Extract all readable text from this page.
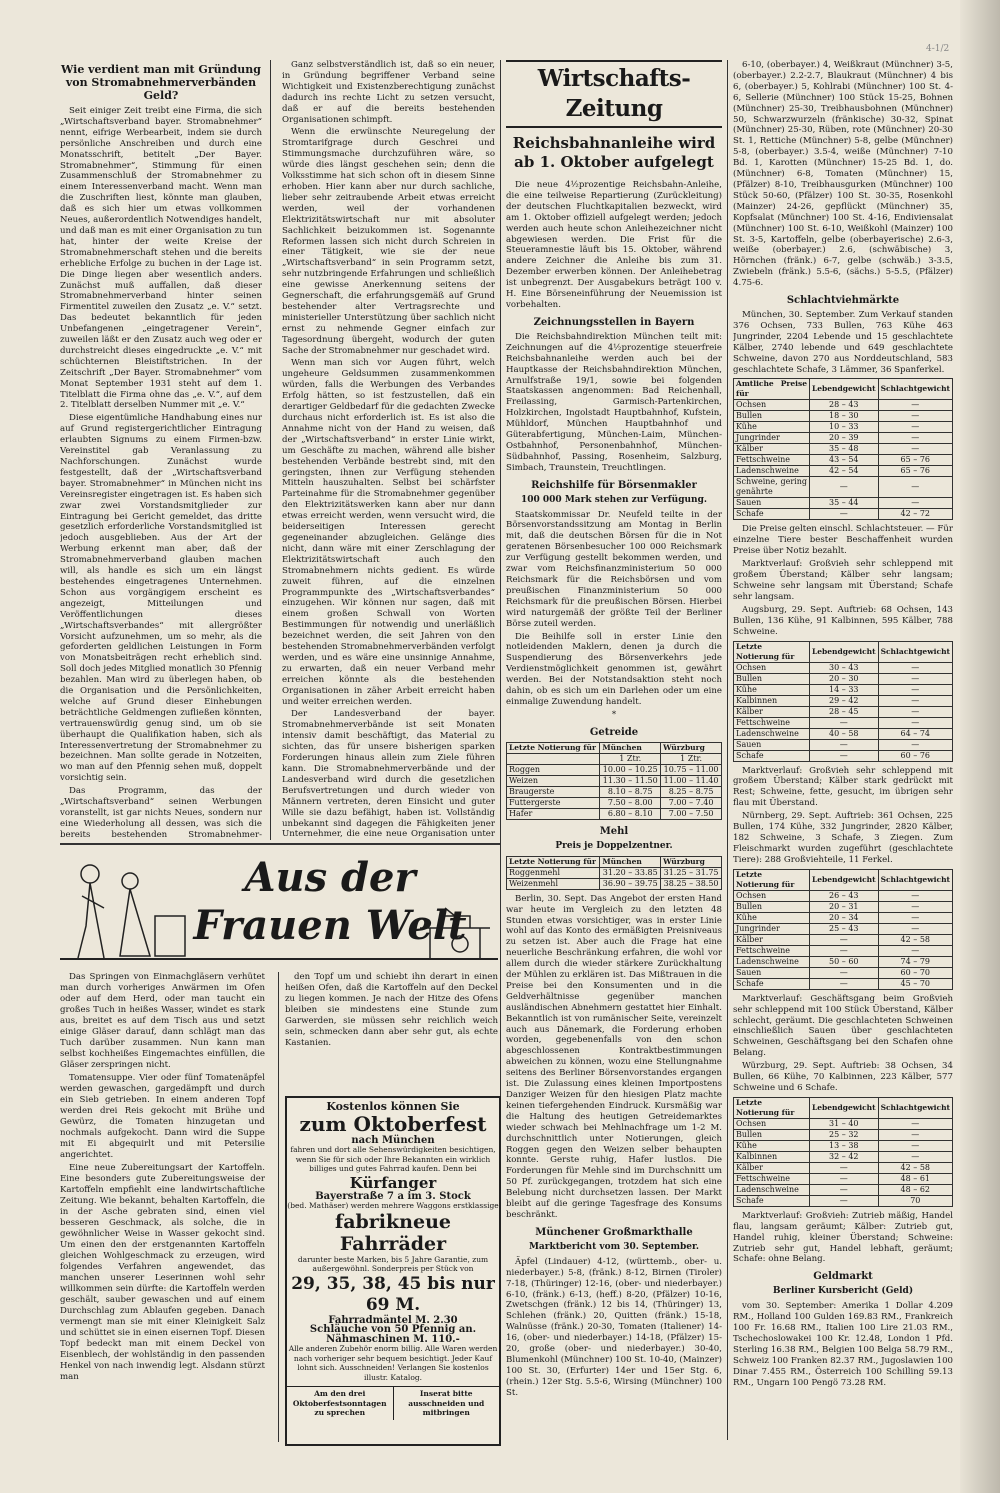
4-1/2
Wie verdient man mit Gründung von Stromabnehmerverbänden Geld?

Seit einiger Zeit treibt eine Firma, die sich „Wirtschaftsverband bayer. Stromabnehmer“ nennt, eifrige Werbearbeit, indem sie durch persönliche Anschreiben und durch eine Monatsschrift, betitelt „Der Bayer. Stromabnehmer“, Stimmung für einen Zusammenschluß der Stromabnehmer zu einem Interessenverband macht. Wenn man die Zuschriften liest, könnte man glauben, daß es sich hier um etwas vollkommen Neues, außerordentlich Notwendiges handelt, und daß man es mit einer Organisation zu tun hat, hinter der weite Kreise der Stromabnehmerschaft stehen und die bereits erhebliche Erfolge zu buchen in der Lage ist. Die Dinge liegen aber wesentlich anders. Zunächst muß auffallen, daß dieser Stromabnehmerverband hinter seinen Firmentitel zuweilen den Zusatz „e. V.“ setzt. Das bedeutet bekanntlich für jeden Unbefangenen „eingetragener Verein“, zuweilen läßt er den Zusatz auch weg oder er durchstreicht dieses eingedruckte „e. V.“ mit schüchternen Bleistiftstrichen. In der Zeitschrift „Der Bayer. Stromabnehmer“ vom Monat September 1931 steht auf dem 1. Titelblatt die Firma ohne das „e. V.“, auf dem 2. Titelblatt derselben Nummer mit „e. V.“

Diese eigentümliche Handhabung eines nur auf Grund registergerichtlicher Eintragung erlaubten Signums zu einem Firmen-bzw. Vereinstitel gab Veranlassung zu Nachforschungen. Zunächst wurde festgestellt, daß der „Wirtschaftsverband bayer. Stromabnehmer“ in München nicht ins Vereinsregister eingetragen ist. Es haben sich zwar zwei Vorstandsmitglieder zur Eintragung bei Gericht gemeldet, das dritte gesetzlich erforderliche Vorstandsmitglied ist jedoch ausgeblieben. Aus der Art der Werbung erkennt man aber, daß der Stromabnehmerverband glauben machen will, als handle es sich um ein längst bestehendes eingetragenes Unternehmen. Schon aus vorgängigem erscheint es angezeigt, Mitteilungen und Veröffentlichungen dieses „Wirtschaftsverbandes“ mit allergrößter Vorsicht aufzunehmen, um so mehr, als die geforderten geldlichen Leistungen in Form von Monatsbeiträgen recht erheblich sind. Soll doch jedes Mitglied monatlich 30 Pfennig bezahlen. Man wird zu überlegen haben, ob die Organisation und die Persönlichkeiten, welche auf Grund dieser Einhebungen beträchtliche Geldmengen zufließen könnten, vertrauenswürdig genug sind, um ob sie überhaupt die Qualifikation haben, sich als Interessenvertretung der Stromabnehmer zu bezeichnen. Man sollte gerade in Notzeiten, wo man auf den Pfennig sehen muß, doppelt vorsichtig sein.

Das Programm, das der „Wirtschaftsverband“ seinen Werbungen voranstellt, ist gar nichts Neues, sondern nur eine Wiederholung all dessen, was sich die bereits bestehenden Stromabnehmer-

Ganz selbstverständlich ist, daß so ein neuer, in Gründung begriffener Verband seine Wichtigkeit und Existenzberechtigung zunächst dadurch ins rechte Licht zu setzen versucht, daß er auf die bereits bestehenden Organisationen schimpft.

Wenn die erwünschte Neuregelung der Stromtarifgrage durch Geschrei und Stimmungsmache durchzuführen wäre, so würde dies längst geschehen sein; denn die Volksstimme hat sich schon oft in diesem Sinne erhoben. Hier kann aber nur durch sachliche, lieber sehr zeitraubende Arbeit etwas erreicht werden, weil der vorhandenen Elektrizitätswirtschaft nur mit absoluter Sachlichkeit beizukommen ist. Sogenannte Reformen lassen sich nicht durch Schreien in einer Tätigkeit, wie sie der neue „Wirtschaftsverband“ in sein Programm setzt, sehr nutzbringende Erfahrungen und schließlich eine gewisse Anerkennung seitens der Gegnerschaft, die erfahrungsgemäß auf Grund bestehender alter Vertragsrechte und ministerieller Unterstützung über sachlich nicht ernst zu nehmende Gegner einfach zur Tagesordnung übergeht, wodurch der guten Sache der Stromabnehmer nur geschadet wird.

Wenn man sich vor Augen führt, welch ungeheure Geldsummen zusammenkommen würden, falls die Werbungen des Verbandes Erfolg hätten, so ist festzustellen, daß ein derartiger Geldbedarf für die gedachten Zwecke durchaus nicht erforderlich ist. Es ist also die Annahme nicht von der Hand zu weisen, daß der „Wirtschaftsverband“ in erster Linie wirkt, um Geschäfte zu machen, während alle bisher bestehenden Verbände bestrebt sind, mit den geringsten, ihnen zur Verfügung stehenden Mitteln hauszuhalten. Selbst bei schärfster Parteinahme für die Stromabnehmer gegenüber den Elektrizitätswerken kann aber nur dann etwas erreicht werden, wenn versucht wird, die beiderseitigen Interessen gerecht gegeneinander abzugleichen. Gelänge dies nicht, dann wäre mit einer Zerschlagung der Elektrizitätswirtschaft auch den Stromabnehmern nichts gedient. Es würde zuweit führen, auf die einzelnen Programmpunkte des „Wirtschaftsverbandes“ einzugehen. Wir können nur sagen, daß mit einem großen Schwall von Worten Bestimmungen für notwendig und unerläßlich bezeichnet werden, die seit Jahren von den bestehenden Stromabnehmerverbänden verfolgt werden, und es wäre eine unsinnige Annahme, zu erwarten, daß ein neuer Verband mehr erreichen könnte als die bestehenden Organisationen in zäher Arbeit erreicht haben und weiter erreichen werden.

Der Landesverband der bayer. Stromabnehmerverbände ist seit Monaten intensiv damit beschäftigt, das Material zu sichten, das für unsere bisherigen sparken Forderungen hinaus allein zum Ziele führen kann. Die Stromabnehmerverbände und der Landesverband wird durch die gesetzlichen Berufsvertretungen und durch wieder von Männern vertreten, deren Einsicht und guter Wille sie dazu befähigt, haben ist. Vollständig unbekannt sind dagegen die Fähigkeiten jener Unternehmer, die eine neue Organisation unter

Aus der Frauen Welt

Das Springen von Einmachgläsern verhütet man durch vorheriges Anwärmen im Ofen oder auf dem Herd, oder man taucht ein großes Tuch in heißes Wasser, windet es stark aus, breitet es auf dem Tisch aus und setzt einige Gläser darauf, dann schlägt man das Tuch darüber zusammen. Nun kann man selbst kochheißes Eingemachtes einfüllen, die Gläser zerspringen nicht.

Tomatensuppe. Vier oder fünf Tomatenäpfel werden gewaschen, gargedämpft und durch ein Sieb getrieben. In einem anderen Topf werden drei Reis gekocht mit Brühe und Gewürz, die Tomaten hinzugetan und nochmals aufgekocht. Dann wird die Suppe mit Ei abgequirlt und mit Petersilie angerichtet.

Eine neue Zubereitungsart der Kartoffeln. Eine besonders gute Zubereitungsweise der Kartoffeln empfiehlt eine landwirtschaftliche Zeitung. Wie bekannt, behalten Kartoffeln, die in der Asche gebraten sind, einen viel besseren Geschmack, als solche, die in gewöhnlicher Weise in Wasser gekocht sind. Um einen den der erstgenannten Kartoffeln gleichen Wohlgeschmack zu erzeugen, wird folgendes Verfahren angewendet, das manchen unserer Leserinnen wohl sehr willkommen sein dürfte: die Kartoffeln werden geschält, sauber gewaschen und auf einem Durchschlag zum Ablaufen gegeben. Danach vermengt man sie mit einer Kleinigkeit Salz und schüttet sie in einen eisernen Topf. Diesen Topf bedeckt man mit einem Deckel von Eisenblech, der wohlständig in den passenden Henkel von nach inwendig legt. Alsdann stürzt man

den Topf um und schiebt ihn derart in einen heißen Ofen, daß die Kartoffeln auf den Deckel zu liegen kommen. Je nach der Hitze des Ofens bleiben sie mindestens eine Stunde zum Garwerden, sie müssen sehr reichlich weich sein, schmecken dann aber sehr gut, als echte Kastanien.

Kostenlos können Sie
zum Oktoberfest
nach München
fahren und dort alle Sehenswürdigkeiten besichtigen, wenn Sie für sich oder Ihre Bekannten ein wirklich billiges und gutes Fahrrad kaufen. Denn bei
Kürfanger
Bayerstraße 7 a im 3. Stock
(bed. Mathäser) werden mehrere Waggons erstklassige
fabrikneue Fahrräder
darunter beste Marken, bis 5 Jahre Garantie, zum außergewöhnl. Sonderpreis per Stück von
29, 35, 38, 45 bis nur 69 M.
Fahrradmäntel M. 2.30
Schläuche von 50 Pfennig an.
Nähmaschinen M. 110.-
Alle anderen Zubehör enorm billig. Alle Waren werden nach vorheriger sehr bequem besichtigt. Jeder Kauf lohnt sich. Ausschneiden! Verlangen Sie kostenlos illustr. Katalog.
Am den drei Oktoberfestsonntagen zu sprechen
Inserat bitte ausschneiden und mitbringen
Wirtschafts-Zeitung
Reichsbahnanleihe wird ab 1. Oktober aufgelegt

Die neue 4½prozentige Reichsbahn-Anleihe, die eine teilweise Repartierung (Zurückleitung) der deutschen Fluchtkapitalien bezweckt, wird am 1. Oktober offiziell aufgelegt werden; jedoch werden auch heute schon Anleihezeichner nicht abgewiesen werden. Die Frist für die Steueramnestie läuft bis 15. Oktober, während andere Zeichner die Anleihe bis zum 31. Dezember erwerben können. Der Anleihebetrag ist unbegrenzt. Der Ausgabekurs beträgt 100 v. H. Eine Börseneinführung der Neuemission ist vorbehalten.

Zeichnungsstellen in Bayern

Die Reichsbahndirektion München teilt mit: Zeichnungen auf die 4½prozentige steuerfreie Reichsbahnanleihe werden auch bei der Hauptkasse der Reichsbahndirektion München, Arnulfstraße 19/1, sowie bei folgenden Staatskassen angenommen: Bad Reichenhall, Freilassing, Garmisch-Partenkirchen, Holzkirchen, Ingolstadt Hauptbahnhof, Kufstein, Mühldorf, München Hauptbahnhof und Güterabfertigung, München-Laim, München-Ostbahnhof, Personenbahnhof, München-Südbahnhof, Passing, Rosenheim, Salzburg, Simbach, Traunstein, Treuchtlingen.

Reichshilfe für Börsenmakler
100 000 Mark stehen zur Verfügung.

Staatskommissar Dr. Neufeld teilte in der Börsenvorstandssitzung am Montag in Berlin mit, daß die deutschen Börsen für die in Not geratenen Börsenbesucher 100 000 Reichsmark zur Verfügung gestellt bekommen werden, und zwar vom Reichsfinanzministerium 50 000 Reichsmark für die Reichsbörsen und vom preußischen Finanzministerium 50 000 Reichsmark für die preußischen Börsen. Hierbei wird naturgemäß der größte Teil der Berliner Börse zuteil werden.

Die Beihilfe soll in erster Linie den notleidenden Maklern, denen ja durch die Suspendierung des Börsenverkehrs jede Verdienstmöglichkeit genommen ist, gewährt werden. Bei der Notstandsaktion steht noch dahin, ob es sich um ein Darlehen oder um eine einmalige Zuwendung handelt.

*
Getreide
Letzte Notierung für	München	Würzburg
	1 Ztr.	1 Ztr.
Roggen	10.00 – 10.25	10.75 – 11.00
Weizen	11.30 – 11.50	11.00 – 11.40
Braugerste	8.10 – 8.75	8.25 – 8.75
Futtergerste	7.50 – 8.00	7.00 – 7.40
Hafer	6.80 – 8.10	7.00 – 7.50
Mehl
Preis je Doppelzentner.
Letzte Notierung für	München	Würzburg
Roggenmehl	31.20 – 33.85	31.25 – 31.75
Weizenmehl	36.90 – 39.75	38.25 – 38.50

Berlin, 30. Sept. Das Angebot der ersten Hand war heute im Vergleich zu den letzten 48 Stunden etwas vorsichtiger, was in erster Linie wohl auf das Konto des ermäßigten Preisniveaus zu setzen ist. Aber auch die Frage hat eine neuerliche Beschränkung erfahren, die wohl vor allem durch die wieder stärkere Zurückhaltung der Mühlen zu erklären ist. Das Mißtrauen in die Preise bei den Konsumenten und in die Geldverhältnisse gegenüber manchen ausländischen Abnehmern gestattet hier Einhalt. Bekanntlich ist von rumänischer Seite, vereinzelt auch aus Dänemark, die Forderung erhoben worden, gegebenenfalls von den schon abgeschlossenen Kontraktbestimmungen abweichen zu können, wozu eine Stellungnahme seitens des Berliner Börsenvorstandes ergangen ist. Die Zulassung eines kleinen Importpostens Danziger Weizen für den hiesigen Platz machte keinen tiefergehenden Eindruck. Kursmäßig war die Haltung des heutigen Getreidemarktes wieder schwach bei Mehlnachfrage um 1-2 M. durchschnittlich unter Notierungen, gleich Roggen gegen den Weizen selber behaupten konnte. Gerste ruhig, Hafer lustlos. Die Forderungen für Mehle sind im Durchschnitt um 50 Pf. zurückgegangen, trotzdem hat sich eine Belebung nicht durchsetzen lassen. Der Markt bleibt auf die geringe Tagesfrage des Konsums beschränkt.

Münchener Großmarkthalle
Marktbericht vom 30. September.

Äpfel (Lindauer) 4-12, (württemb., ober- u. niederbayer.) 5-8, (fränk.) 8-12, Birnen (Tiroler) 7-18, (Thüringer) 12-16, (ober- und niederbayer.) 6-10, (fränk.) 6-13, (heff.) 8-20, (Pfälzer) 10-16, Zwetschgen (fränk.) 12 bis 14, (Thüringer) 13, Schlehen (fränk.) 20, Quitten (fränk.) 15-18, Walnüsse (fränk.) 20-30, Tomaten (Italiener) 14-16, (ober- und niederbayer.) 14-18, (Pfälzer) 15-20, große (ober- und niederbayer.) 30-40, Blumenkohl (Münchner) 100 St. 10-40, (Mainzer) 100 St. 30, (Erfurter) 14er und 15er Stg. 6, (rhein.) 12er Stg. 5.5-6, Wirsing (Münchner) 100 St.

6-10, (oberbayer.) 4, Weißkraut (Münchner) 3-5, (oberbayer.) 2.2-2.7, Blaukraut (Münchner) 4 bis 6, (oberbayer.) 5, Kohlrabi (Münchner) 100 St. 4-6, Sellerie (Münchner) 100 Stück 15-25, Bohnen (Münchner) 25-30, Treibhausbohnen (Münchner) 50, Schwarzwurzeln (fränkische) 30-32, Spinat (Münchner) 25-30, Rüben, rote (Münchner) 20-30 St. 1, Rettiche (Münchner) 5-8, gelbe (Münchner) 5-8, (oberbayer.) 3.5-4, weiße (Münchner) 7-10 Bd. 1, Karotten (Münchner) 15-25 Bd. 1, do. (Münchner) 6-8, Tomaten (Münchner) 15, (Pfälzer) 8-10, Treibhausgurken (Münchner) 100 Stück 50-60, (Pfälzer) 100 St. 30-35, Rosenkohl (Mainzer) 24-26, gepflückt (Münchner) 35, Kopfsalat (Münchner) 100 St. 4-16, Endiviensalat (Münchner) 100 St. 6-10, Weißkohl (Mainzer) 100 St. 3-5, Kartoffeln, gelbe (oberbayerische) 2.6-3, weiße (oberbayer.) 2.6, (schwäbische) 3, Hörnchen (fränk.) 6-7, gelbe (schwäb.) 3-3.5, Zwiebeln (fränk.) 5.5-6, (sächs.) 5-5.5, (Pfälzer) 4.75-6.

Schlachtviehmärkte

München, 30. September. Zum Verkauf standen 376 Ochsen, 733 Bullen, 763 Kühe 463 Jungrinder, 2204 Lebende und 15 geschlachtete Kälber, 2740 lebende und 649 geschlachtete Schweine, davon 270 aus Norddeutschland, 583 geschlachtete Schafe, 3 Lämmer, 36 Spanferkel.

Amtliche Preise für	Lebendgewicht	Schlachtgewicht
Ochsen	28 – 43	—
Bullen	18 – 30	—
Kühe	10 – 33	—
Jungrinder	20 – 39	—
Kälber	35 – 48	—
Fettschweine	43 – 54	65 – 76
Ladenschweine	42 – 54	65 – 76
Schweine, gering genährte	—	—
Sauen	35 – 44	—
Schafe	—	42 – 72

Die Preise gelten einschl. Schlachtsteuer. — Für einzelne Tiere bester Beschaffenheit wurden Preise über Notiz bezahlt.

Marktverlauf: Großvieh sehr schleppend mit großem Überstand; Kälber sehr langsam; Schweine sehr langsam mit Überstand; Schafe sehr langsam.

Augsburg, 29. Sept. Auftrieb: 68 Ochsen, 143 Bullen, 136 Kühe, 91 Kalbinnen, 595 Kälber, 788 Schweine.

Letzte Notierung für	Lebendgewicht	Schlachtgewicht
Ochsen	30 – 43	—
Bullen	20 – 30	—
Kühe	14 – 33	—
Kalbinnen	29 – 42	—
Kälber	28 – 45	—
Fettschweine	—	—
Ladenschweine	40 – 58	64 – 74
Sauen	—	—
Schafe	—	60 – 76

Marktverlauf: Großvieh sehr schleppend mit großem Überstand; Kälber stark gedrückt mit Rest; Schweine, fette, gesucht, im übrigen sehr flau mit Überstand.

Nürnberg, 29. Sept. Auftrieb: 361 Ochsen, 225 Bullen, 174 Kühe, 332 Jungrinder, 2820 Kälber, 182 Schweine, 3 Schafe, 3 Ziegen. Zum Fleischmarkt wurden zugeführt (geschlachtete Tiere): 288 Großviehteile, 11 Ferkel.

Letzte Notierung für	Lebendgewicht	Schlachtgewicht
Ochsen	26 – 43	—
Bullen	20 – 31	—
Kühe	20 – 34	—
Jungrinder	25 – 43	—
Kälber	—	42 – 58
Fettschweine	—	—
Ladenschweine	50 – 60	74 – 79
Sauen	—	60 – 70
Schafe	—	45 – 70

Marktverlauf: Geschäftsgang beim Großvieh sehr schleppend mit 100 Stück Überstand, Kälber schlecht, geräumt. Die geschlachteten Schweinen einschließlich Sauen über geschlachteten Schweinen, Geschäftsgang bei den Schafen ohne Belang.

Würzburg, 29. Sept. Auftrieb: 38 Ochsen, 34 Bullen, 66 Kühe, 70 Kalbinnen, 223 Kälber, 577 Schweine und 6 Schafe.

Letzte Notierung für	Lebendgewicht	Schlachtgewicht
Ochsen	31 – 40	—
Bullen	25 – 32	—
Kühe	13 – 38	—
Kalbinnen	32 – 42	—
Kälber	—	42 – 58
Fettschweine	—	48 – 61
Ladenschweine	—	48 – 62
Schafe	—	70

Marktverlauf: Großvieh: Zutrieb mäßig, Handel flau, langsam geräumt; Kälber: Zutrieb gut, Handel ruhig, kleiner Überstand; Schweine: Zutrieb sehr gut, Handel lebhaft, geräumt; Schafe: ohne Belang.

Geldmarkt
Berliner Kursbericht (Geld)

vom 30. September: Amerika 1 Dollar 4.209 RM., Holland 100 Gulden 169.83 RM., Frankreich 100 Fr. 16.68 RM., Italien 100 Lire 21.03 RM., Tschechoslowakei 100 Kr. 12.48, London 1 Pfd. Sterling 16.38 RM., Belgien 100 Belga 58.79 RM., Schweiz 100 Franken 82.37 RM., Jugoslawien 100 Dinar 7.455 RM., Österreich 100 Schilling 59.13 RM., Ungarn 100 Pengö 73.28 RM.
